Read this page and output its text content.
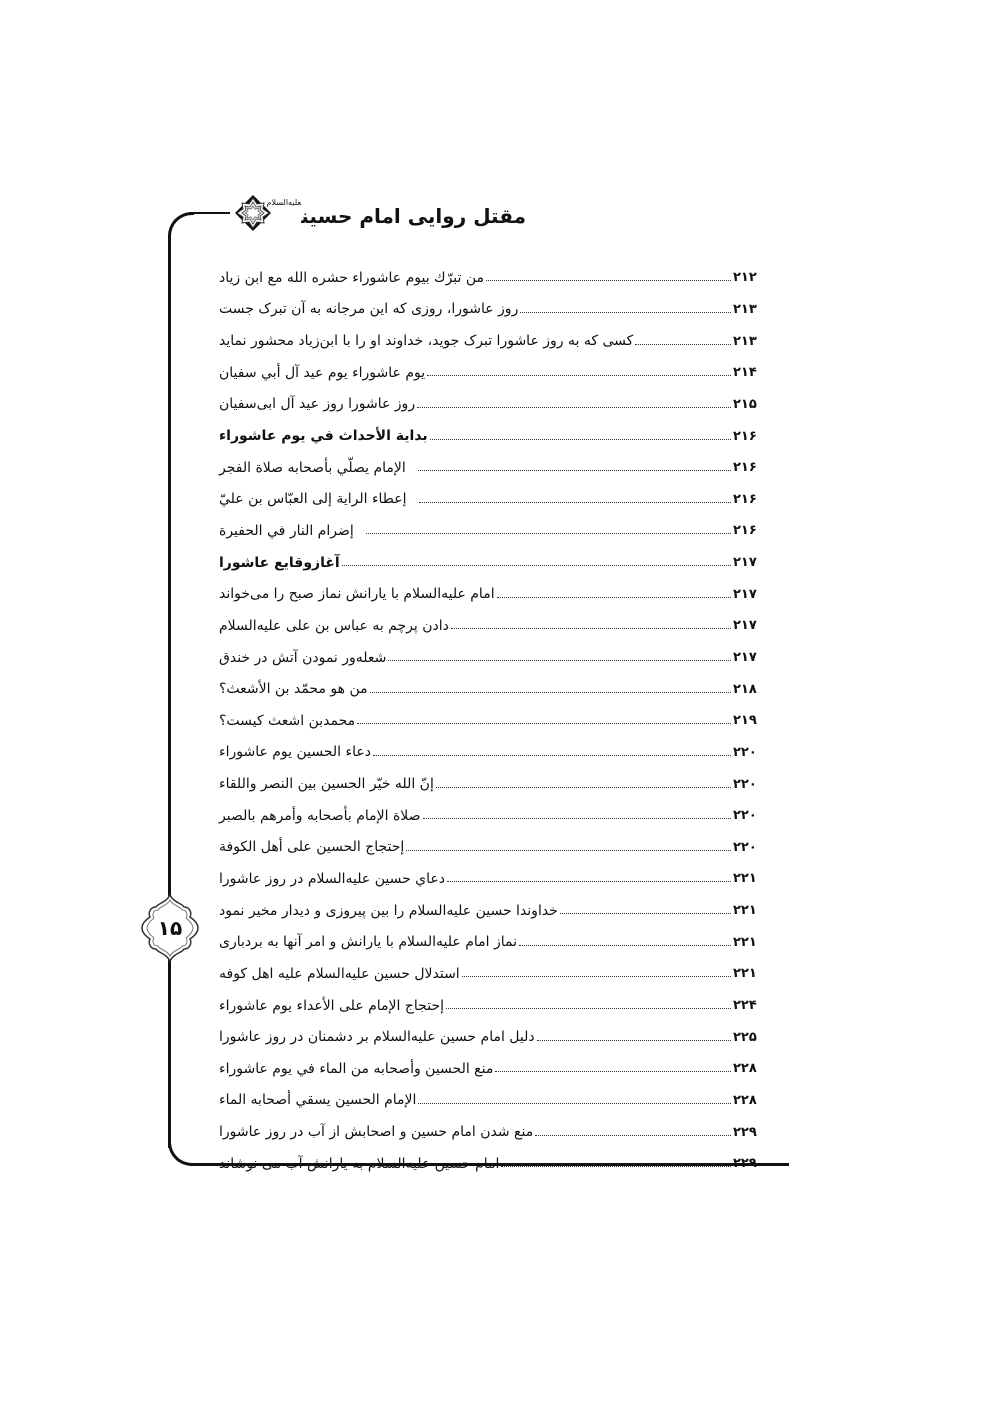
مقتل روایی امام حسین$^{علیه‌السلام}$
۱۵
من تبرّك بيوم عاشوراء حشره الله مع ابن زياد	۲۱۲
روز عاشورا، روزی که این مرجانه به آن تبرک جست	۲۱۳
کسی که به روز عاشورا تبرک جوید، خداوند او را با ابن‌زیاد محشور نماید	۲۱۳
يوم عاشوراء يوم عيد آل أبي سفيان	۲۱۴
روز عاشورا روز عید آل ابی‌سفیان	۲۱۵
بداية الأحداث في يوم عاشوراء	۲۱۶
الإمام يصلّي بأصحابه صلاة الفجر	۲۱۶
إعطاء الراية إلى العبّاس بن عليّ	۲۱۶
إضرام النار في الحفيرة	۲۱۶
آغازوقایع عاشورا	۲۱۷
امام علیه‌السلام با یارانش نماز صبح را می‌خواند	۲۱۷
دادن پرچم به عباس بن علی علیه‌السلام	۲۱۷
شعله‌ور نمودن آتش در خندق	۲۱۷
من هو محمّد بن الأشعث؟	۲۱۸
محمدبن اشعث کیست؟	۲۱۹
دعاء الحسين يوم عاشوراء	۲۲۰
إنّ الله خيّر الحسين بين النصر واللقاء	۲۲۰
صلاة الإمام بأصحابه وأمرهم بالصبر	۲۲۰
إحتجاج الحسين على أهل الكوفة	۲۲۰
دعاي حسين علیه‌السلام در روز عاشورا	۲۲۱
خداوندا حسین علیه‌السلام را بین پیروزی و دیدار مخیر نمود	۲۲۱
نماز امام علیه‌السلام با یارانش و امر آنها به بردباری	۲۲۱
استدلال حسین علیه‌السلام علیه اهل کوفه	۲۲۱
إحتجاج الإمام على الأعداء يوم عاشوراء	۲۲۴
دلیل امام حسین علیه‌السلام بر دشمنان در روز عاشورا	۲۲۵
منع الحسين وأصحابه من الماء في يوم عاشوراء	۲۲۸
الإمام الحسين يسقي أصحابه الماء	۲۲۸
منع شدن امام حسین و اصحابش از آب در روز عاشورا	۲۲۹
امام حسین علیه‌السلام به یارانش آب می نوشاند	۲۲۹
